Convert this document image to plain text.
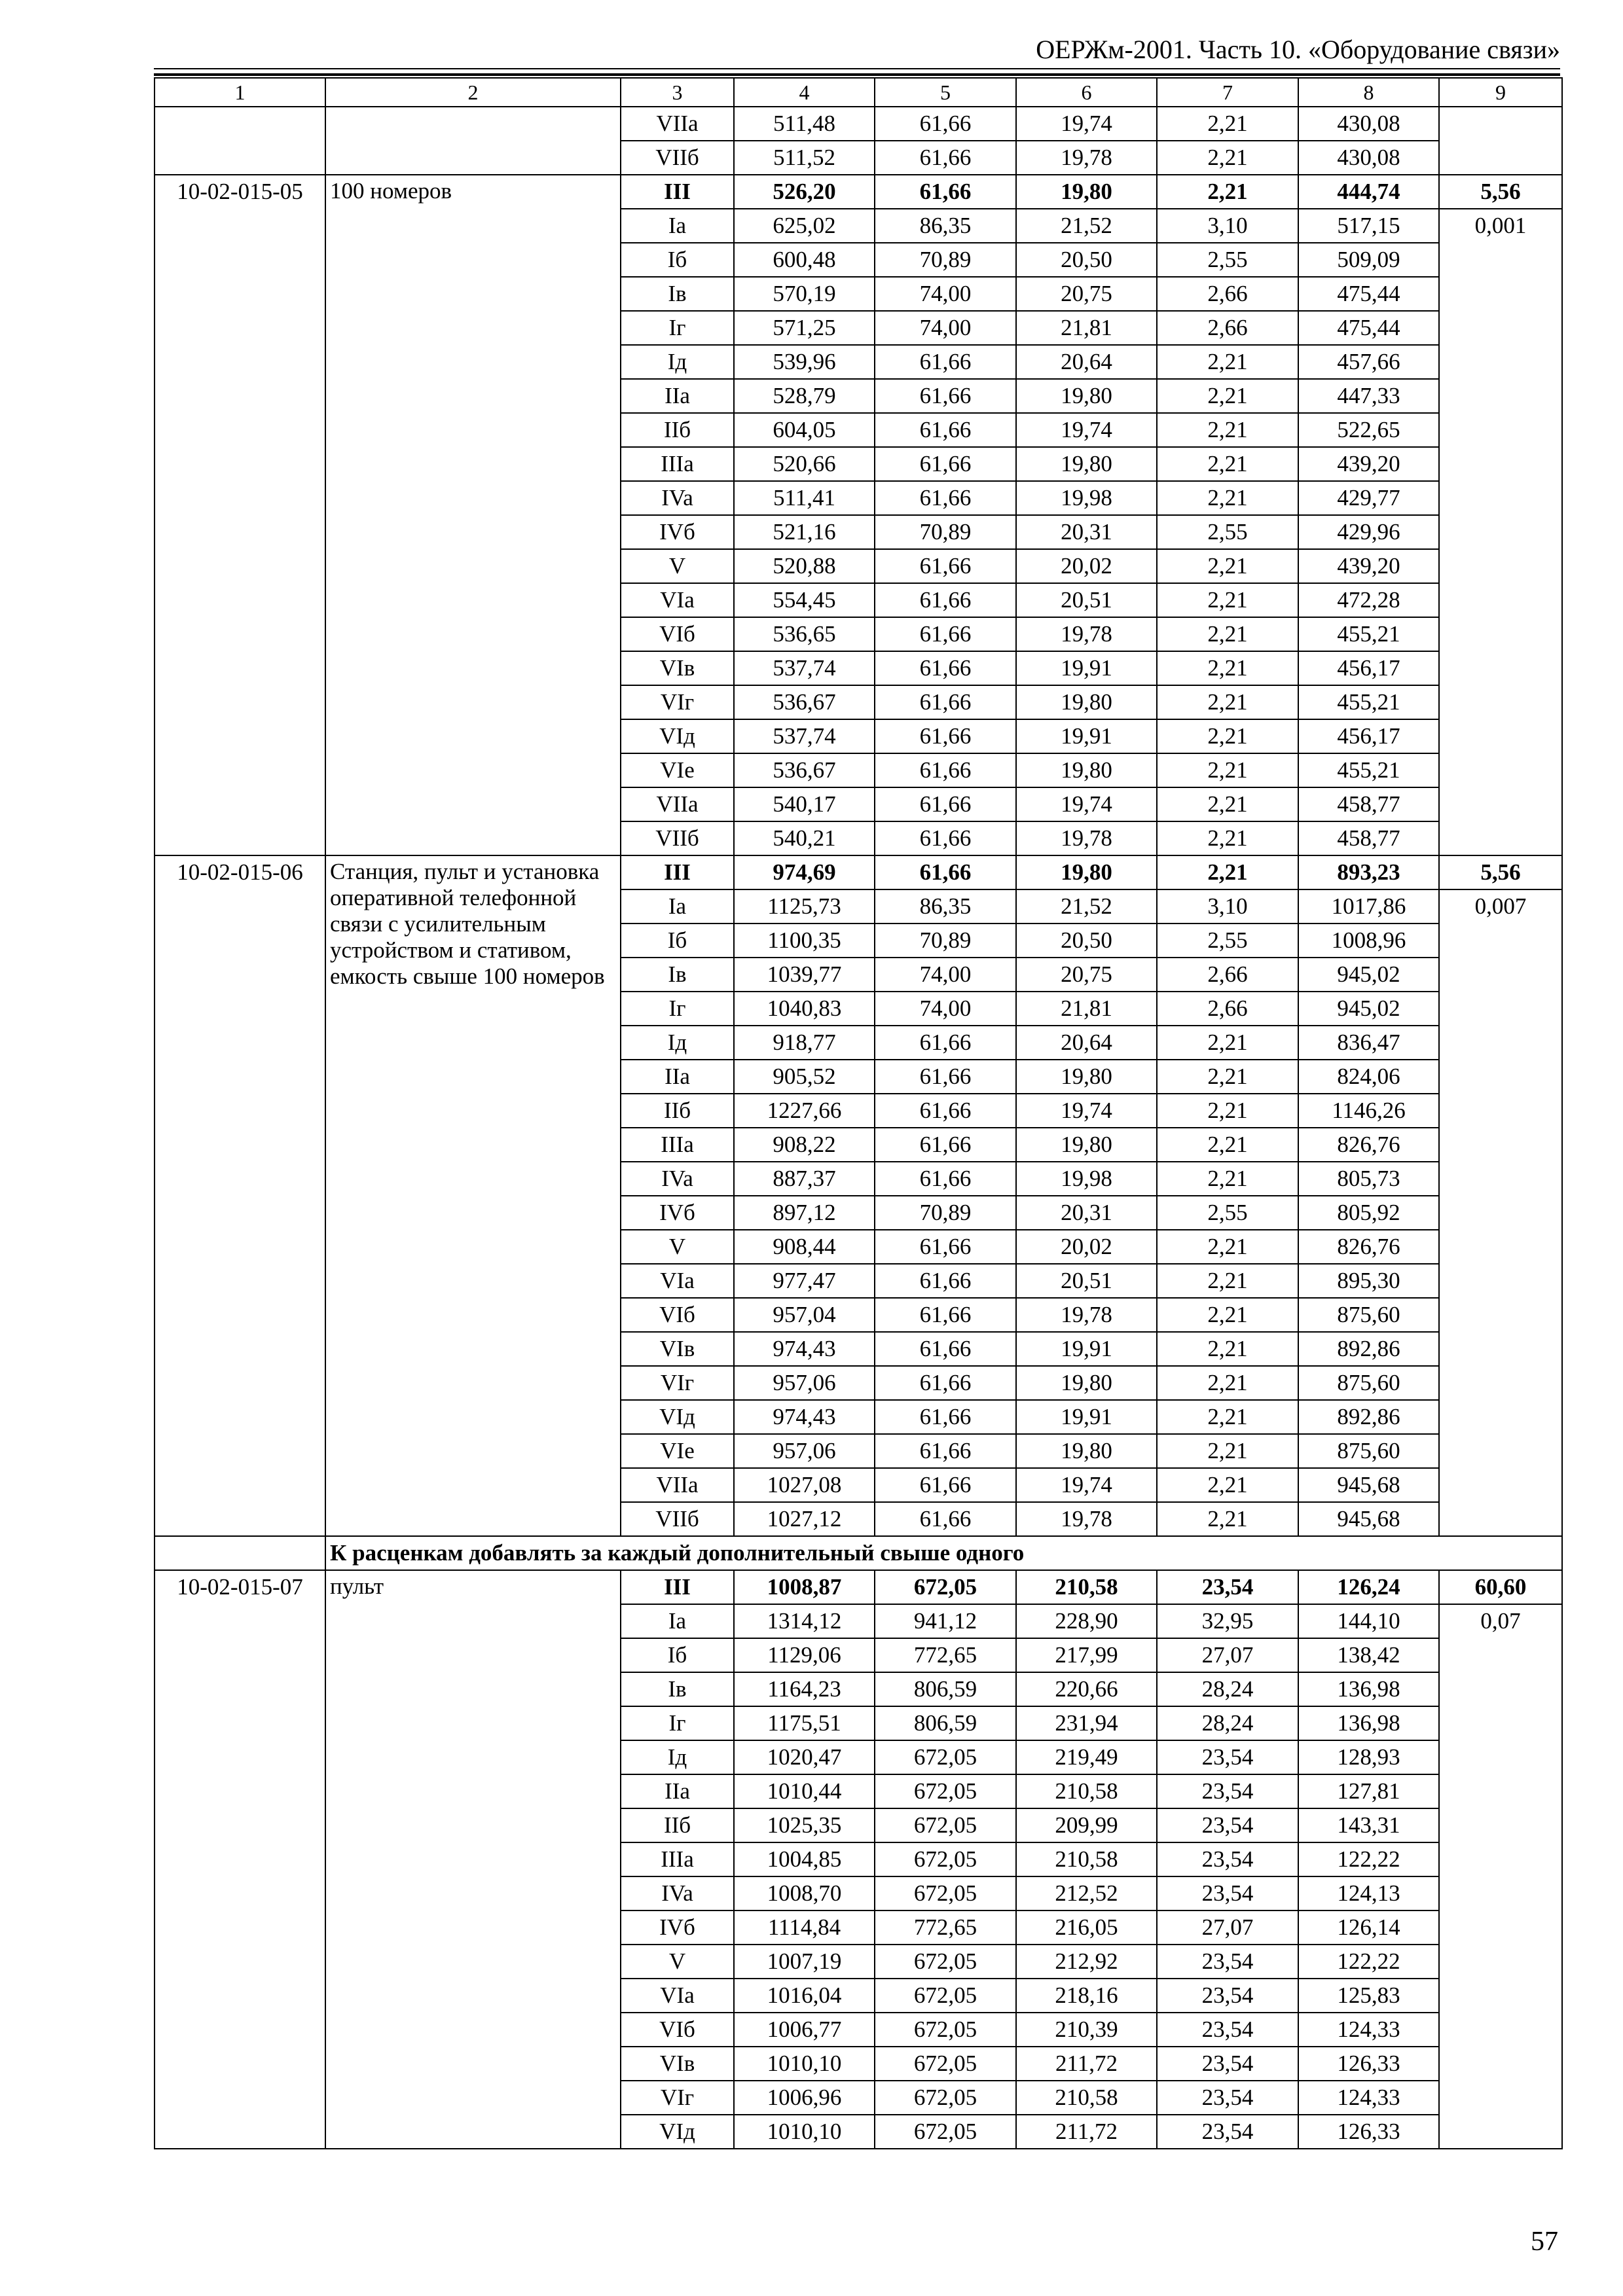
ОЕРЖм-2001. Часть 10. «Оборудование связи»
1	2	3	4	5	6	7	8	9
		VIIa	511,48	61,66	19,74	2,21	430,08	
		VIIб	511,52	61,66	19,78	2,21	430,08	
10-02-015-05	100 номеров	III	526,20	61,66	19,80	2,21	444,74	5,56
		Ia	625,02	86,35	21,52	3,10	517,15	0,001
		Iб	600,48	70,89	20,50	2,55	509,09	
		Iв	570,19	74,00	20,75	2,66	475,44	
		Iг	571,25	74,00	21,81	2,66	475,44	
		Iд	539,96	61,66	20,64	2,21	457,66	
		IIa	528,79	61,66	19,80	2,21	447,33	
		IIб	604,05	61,66	19,74	2,21	522,65	
		IIIa	520,66	61,66	19,80	2,21	439,20	
		IVa	511,41	61,66	19,98	2,21	429,77	
		IVб	521,16	70,89	20,31	2,55	429,96	
		V	520,88	61,66	20,02	2,21	439,20	
		VIa	554,45	61,66	20,51	2,21	472,28	
		VIб	536,65	61,66	19,78	2,21	455,21	
		VIв	537,74	61,66	19,91	2,21	456,17	
		VIг	536,67	61,66	19,80	2,21	455,21	
		VIд	537,74	61,66	19,91	2,21	456,17	
		VIe	536,67	61,66	19,80	2,21	455,21	
		VIIa	540,17	61,66	19,74	2,21	458,77	
		VIIб	540,21	61,66	19,78	2,21	458,77	
10-02-015-06	Станция, пульт и установка оперативной телефонной связи с усилительным устройством и стативом, емкость свыше 100 номеров	III	974,69	61,66	19,80	2,21	893,23	5,56
		Ia	1125,73	86,35	21,52	3,10	1017,86	0,007
		Iб	1100,35	70,89	20,50	2,55	1008,96	
		Iв	1039,77	74,00	20,75	2,66	945,02	
		Iг	1040,83	74,00	21,81	2,66	945,02	
		Iд	918,77	61,66	20,64	2,21	836,47	
		IIa	905,52	61,66	19,80	2,21	824,06	
		IIб	1227,66	61,66	19,74	2,21	1146,26	
		IIIa	908,22	61,66	19,80	2,21	826,76	
		IVa	887,37	61,66	19,98	2,21	805,73	
		IVб	897,12	70,89	20,31	2,55	805,92	
		V	908,44	61,66	20,02	2,21	826,76	
		VIa	977,47	61,66	20,51	2,21	895,30	
		VIб	957,04	61,66	19,78	2,21	875,60	
		VIв	974,43	61,66	19,91	2,21	892,86	
		VIг	957,06	61,66	19,80	2,21	875,60	
		VIд	974,43	61,66	19,91	2,21	892,86	
		VIe	957,06	61,66	19,80	2,21	875,60	
		VIIa	1027,08	61,66	19,74	2,21	945,68	
		VIIб	1027,12	61,66	19,78	2,21	945,68	
	К расценкам добавлять за каждый дополнительный свыше одного							
10-02-015-07	пульт	III	1008,87	672,05	210,58	23,54	126,24	60,60
		Ia	1314,12	941,12	228,90	32,95	144,10	0,07
		Iб	1129,06	772,65	217,99	27,07	138,42	
		Iв	1164,23	806,59	220,66	28,24	136,98	
		Iг	1175,51	806,59	231,94	28,24	136,98	
		Iд	1020,47	672,05	219,49	23,54	128,93	
		IIa	1010,44	672,05	210,58	23,54	127,81	
		IIб	1025,35	672,05	209,99	23,54	143,31	
		IIIa	1004,85	672,05	210,58	23,54	122,22	
		IVa	1008,70	672,05	212,52	23,54	124,13	
		IVб	1114,84	772,65	216,05	27,07	126,14	
		V	1007,19	672,05	212,92	23,54	122,22	
		VIa	1016,04	672,05	218,16	23,54	125,83	
		VIб	1006,77	672,05	210,39	23,54	124,33	
		VIв	1010,10	672,05	211,72	23,54	126,33	
		VIг	1006,96	672,05	210,58	23,54	124,33	
		VIд	1010,10	672,05	211,72	23,54	126,33	
57
